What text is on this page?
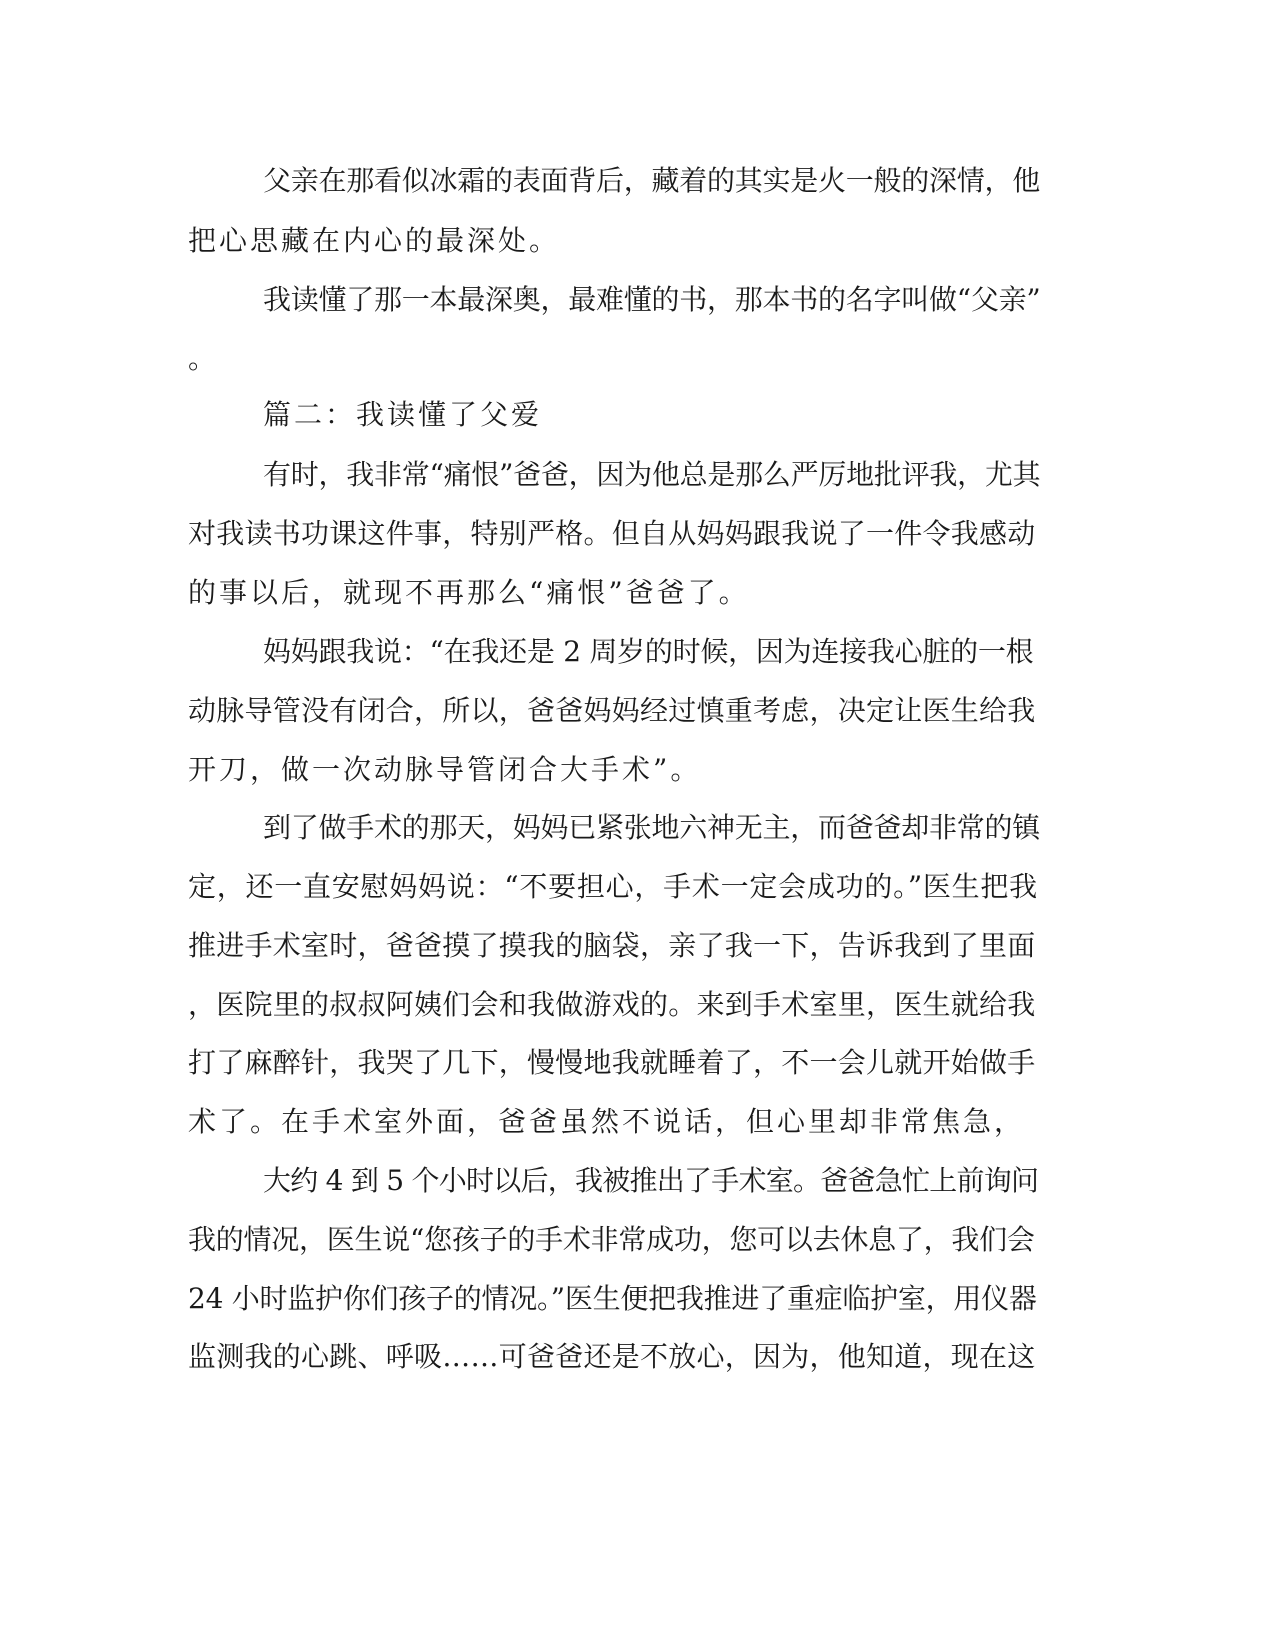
父亲在那看似冰霜的表面背后，藏着的其实是火一般的深情，他

把心思藏在内心的最深处。

我读懂了那一本最深奥，最难懂的书，那本书的名字叫做“父亲”

。

篇二：我读懂了父爱

有时，我非常“痛恨”爸爸，因为他总是那么严厉地批评我，尤其

对我读书功课这件事，特别严格。但自从妈妈跟我说了一件令我感动

的事以后，就现不再那么“痛恨”爸爸了。

妈妈跟我说：“在我还是 2 周岁的时候，因为连接我心脏的一根

动脉导管没有闭合，所以，爸爸妈妈经过慎重考虑，决定让医生给我

开刀，做一次动脉导管闭合大手术”。

到了做手术的那天，妈妈已紧张地六神无主，而爸爸却非常的镇

定，还一直安慰妈妈说：“不要担心，手术一定会成功的。”医生把我

推进手术室时，爸爸摸了摸我的脑袋，亲了我一下，告诉我到了里面

，医院里的叔叔阿姨们会和我做游戏的。来到手术室里，医生就给我

打了麻醉针，我哭了几下，慢慢地我就睡着了，不一会儿就开始做手

术了。在手术室外面，爸爸虽然不说话，但心里却非常焦急，

大约 4 到 5 个小时以后，我被推出了手术室。爸爸急忙上前询问

我的情况，医生说“您孩子的手术非常成功，您可以去休息了，我们会

24 小时监护你们孩子的情况。”医生便把我推进了重症临护室，用仪器

监测我的心跳、呼吸……可爸爸还是不放心，因为，他知道，现在这
